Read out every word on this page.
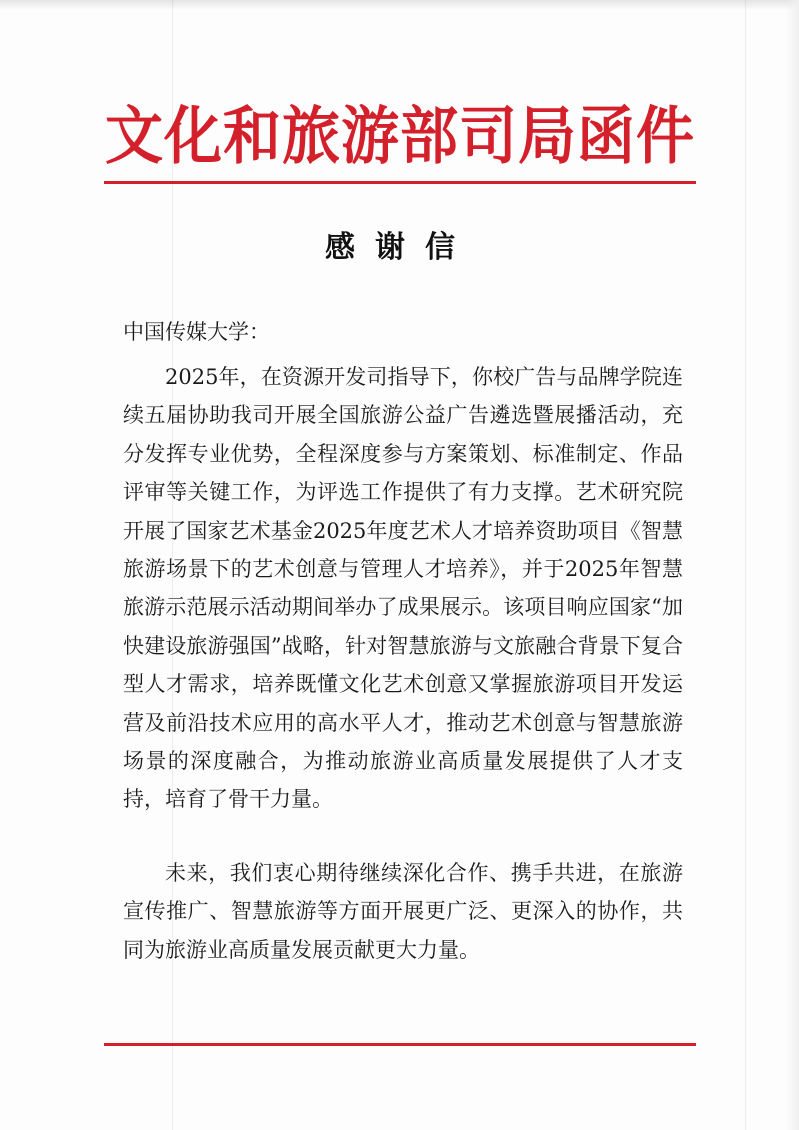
文化和旅游部司局函件
感谢信
中国传媒大学：

2025年，在资源开发司指导下，你校广告与品牌学院连续五届协助我司开展全国旅游公益广告遴选暨展播活动，充分发挥专业优势，全程深度参与方案策划、标准制定、作品评审等关键工作，为评选工作提供了有力支撑。艺术研究院开展了国家艺术基金2025年度艺术人才培养资助项目《智慧旅游场景下的艺术创意与管理人才培养》，并于2025年智慧旅游示范展示活动期间举办了成果展示。该项目响应国家“加快建设旅游强国”战略，针对智慧旅游与文旅融合背景下复合型人才需求，培养既懂文化艺术创意又掌握旅游项目开发运营及前沿技术应用的高水平人才，推动艺术创意与智慧旅游场景的深度融合，为推动旅游业高质量发展提供了人才支持，培育了骨干力量。

未来，我们衷心期待继续深化合作、携手共进，在旅游宣传推广、智慧旅游等方面开展更广泛、更深入的协作，共同为旅游业高质量发展贡献更大力量。
